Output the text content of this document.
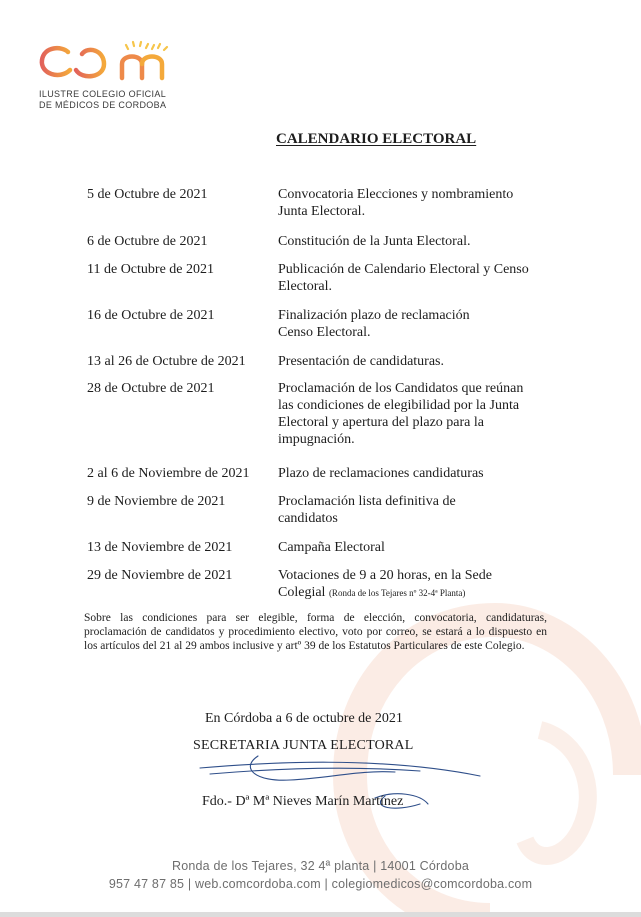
ILUSTRE COLEGIO OFICIAL
DE MÉDICOS DE CORDOBA
CALENDARIO ELECTORAL
5 de Octubre de 2021	Convocatoria Elecciones y nombramiento
Junta Electoral.
6 de Octubre de 2021	Constitución de la Junta Electoral.
11 de Octubre de 2021	Publicación de Calendario Electoral y Censo
Electoral.
16 de Octubre de 2021	Finalización plazo de reclamación
Censo Electoral.
13 al 26 de Octubre de 2021 Presentación de candidaturas.
28 de Octubre de 2021	Proclamación de los Candidatos que reúnan
las condiciones de elegibilidad por la Junta
Electoral y apertura del plazo para la
impugnación.
2 al 6 de Noviembre de 2021 Plazo de reclamaciones candidaturas
9 de Noviembre de 2021	Proclamación lista definitiva de
candidatos
13 de Noviembre de 2021	Campaña Electoral
29 de Noviembre de 2021	Votaciones de 9 a 20 horas, en la Sede
Colegial (Ronda de los Tejares nº 32-4ª Planta)
Sobre las condiciones para ser elegible, forma de elección, convocatoria, candidaturas, proclamación de candidatos y procedimiento electivo, voto por correo, se estará a lo dispuesto en los artículos del 21 al 29 ambos inclusive y artº 39 de los Estatutos Particulares de este Colegio.
En Córdoba a 6 de octubre de 2021
SECRETARIA JUNTA ELECTORAL
Fdo.- Dª Mª Nieves Marín Martínez
Ronda de los Tejares, 32 4ª planta | 14001 Córdoba
957 47 87 85 | web.comcordoba.com | colegiomedicos@comcordoba.com
